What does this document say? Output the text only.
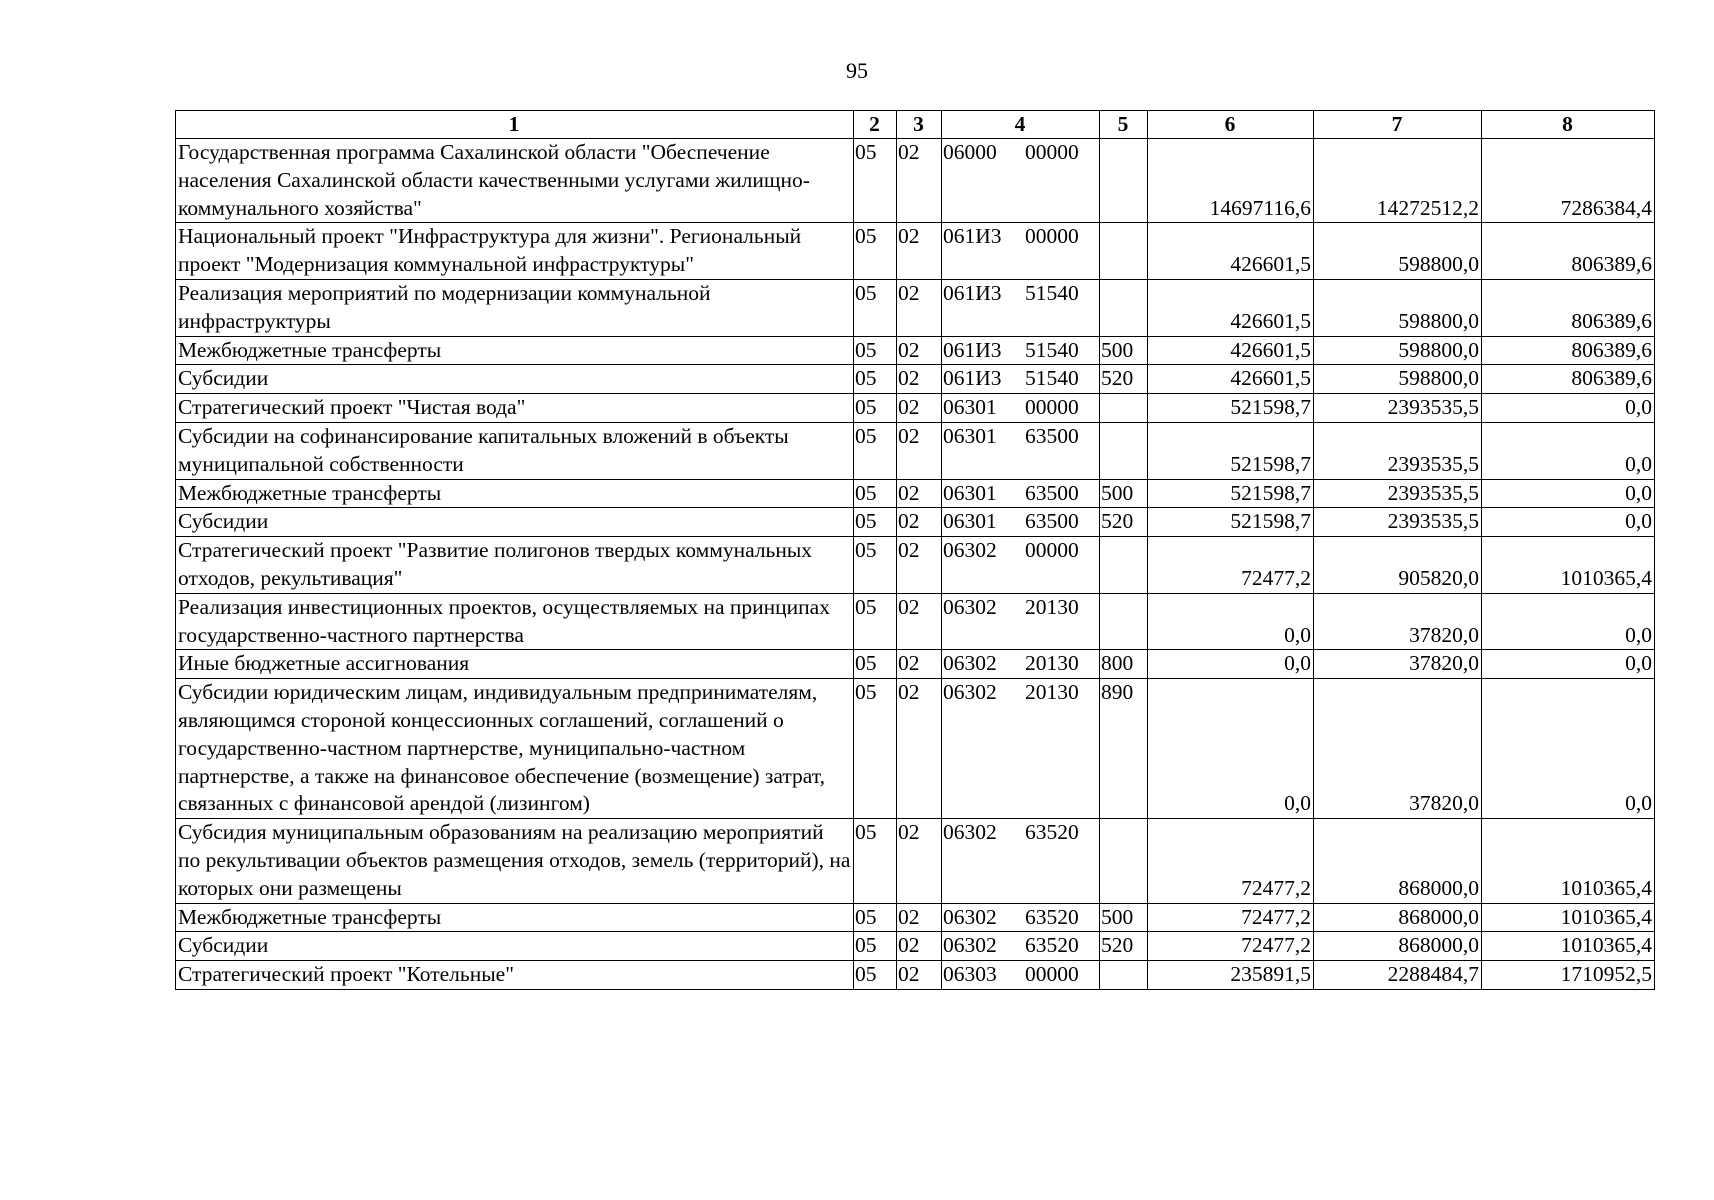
95
1	2	3	4	5	6	7	8
Государственная программа Сахалинской области "Обеспечение населения Сахалинской области качественными услугами жилищно-коммунального хозяйства"	05	02	06000 00000		14697116,6	14272512,2	7286384,4
Национальный проект "Инфраструктура для жизни". Региональный проект "Модернизация коммунальной инфраструктуры"	05	02	061И3 00000		426601,5	598800,0	806389,6
Реализация мероприятий по модернизации коммунальной инфраструктуры	05	02	061И3 51540		426601,5	598800,0	806389,6
Межбюджетные трансферты	05	02	061И3 51540	500	426601,5	598800,0	806389,6
Субсидии	05	02	061И3 51540	520	426601,5	598800,0	806389,6
Стратегический проект "Чистая вода"	05	02	06301 00000		521598,7	2393535,5	0,0
Субсидии на софинансирование капитальных вложений в объекты муниципальной собственности	05	02	06301 63500		521598,7	2393535,5	0,0
Межбюджетные трансферты	05	02	06301 63500	500	521598,7	2393535,5	0,0
Субсидии	05	02	06301 63500	520	521598,7	2393535,5	0,0
Стратегический проект "Развитие полигонов твердых коммунальных отходов, рекультивация"	05	02	06302 00000		72477,2	905820,0	1010365,4
Реализация инвестиционных проектов, осуществляемых на принципах государственно-частного партнерства	05	02	06302 20130		0,0	37820,0	0,0
Иные бюджетные ассигнования	05	02	06302 20130	800	0,0	37820,0	0,0
Субсидии юридическим лицам, индивидуальным предпринимателям, являющимся стороной концессионных соглашений, соглашений о государственно-частном партнерстве, муниципально-частном партнерстве, а также на финансовое обеспечение (возмещение) затрат, связанных с финансовой арендой (лизингом)	05	02	06302 20130	890	0,0	37820,0	0,0
Субсидия муниципальным образованиям на реализацию мероприятий по рекультивации объектов размещения отходов, земель (территорий), на которых они размещены	05	02	06302 63520		72477,2	868000,0	1010365,4
Межбюджетные трансферты	05	02	06302 63520	500	72477,2	868000,0	1010365,4
Субсидии	05	02	06302 63520	520	72477,2	868000,0	1010365,4
Стратегический проект "Котельные"	05	02	06303 00000		235891,5	2288484,7	1710952,5
